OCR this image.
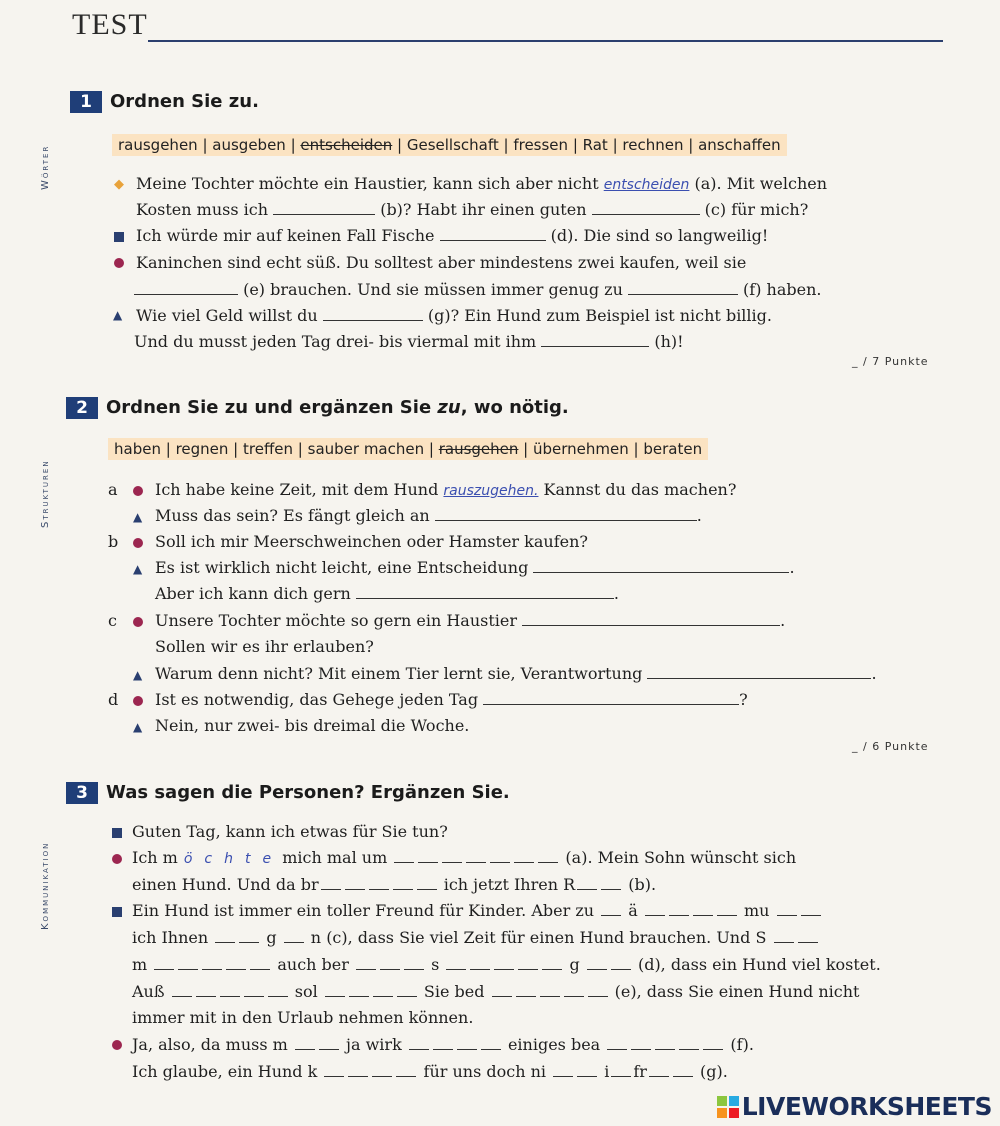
TEST
Wörter
Strukturen
Kommunikation
1	Ordnen Sie zu.
rausgehen | ausgeben | entscheiden | Gesellschaft | fressen | Rat | rechnen | anschaffen
◆ Meine Tochter möchte ein Haustier, kann sich aber nicht entscheiden (a). Mit welchen
Kosten muss ich	(b)? Habt ihr einen guten	(c) für mich?
Ich würde mir auf keinen Fall Fische	(d). Die sind so langweilig!
Kaninchen sind echt süß. Du solltest aber mindestens zwei kaufen, weil sie
(e) brauchen. Und sie müssen immer genug zu	(f) haben.
▲ Wie viel Geld willst du	(g)? Ein Hund zum Beispiel ist nicht billig.
Und du musst jeden Tag drei- bis viermal mit ihm	(h)!
_ / 7 Punkte
2	Ordnen Sie zu und ergänzen Sie zu, wo nötig.
haben | regnen | treffen | sauber machen | rausgehen | übernehmen | beraten
a Ich habe keine Zeit, mit dem Hund rauszugehen. Kannst du das machen?
▲ Muss das sein? Es fängt gleich an	.
b Soll ich mir Meerschweinchen oder Hamster kaufen?
▲ Es ist wirklich nicht leicht, eine Entscheidung	.
Aber ich kann dich gern	.
c Unsere Tochter möchte so gern ein Haustier	.
Sollen wir es ihr erlauben?
▲ Warum denn nicht? Mit einem Tier lernt sie, Verantwortung	.
d Ist es notwendig, das Gehege jeden Tag	?
▲ Nein, nur zwei- bis dreimal die Woche.
_ / 6 Punkte
3	Was sagen die Personen? Ergänzen Sie.
Guten Tag, kann ich etwas für Sie tun?
Ich m ö c h t e mich mal um	(a). Mein Sohn wünscht sich
einen Hund. Und da br	ich jetzt Ihren R	(b).
Ein Hund ist immer ein toller Freund für Kinder. Aber zu ä	mu
ich Ihnen	g n (c), dass Sie viel Zeit für einen Hund brauchen. Und S
m	auch ber	s	g	(d), dass ein Hund viel kostet.
Auß	sol	Sie bed	(e), dass Sie einen Hund nicht
immer mit in den Urlaub nehmen können.
Ja, also, da muss m	ja wirk	einiges bea	(f).
Ich glaube, ein Hund k	für uns doch ni	i fr	(g).
LIVEWORKSHEETS
